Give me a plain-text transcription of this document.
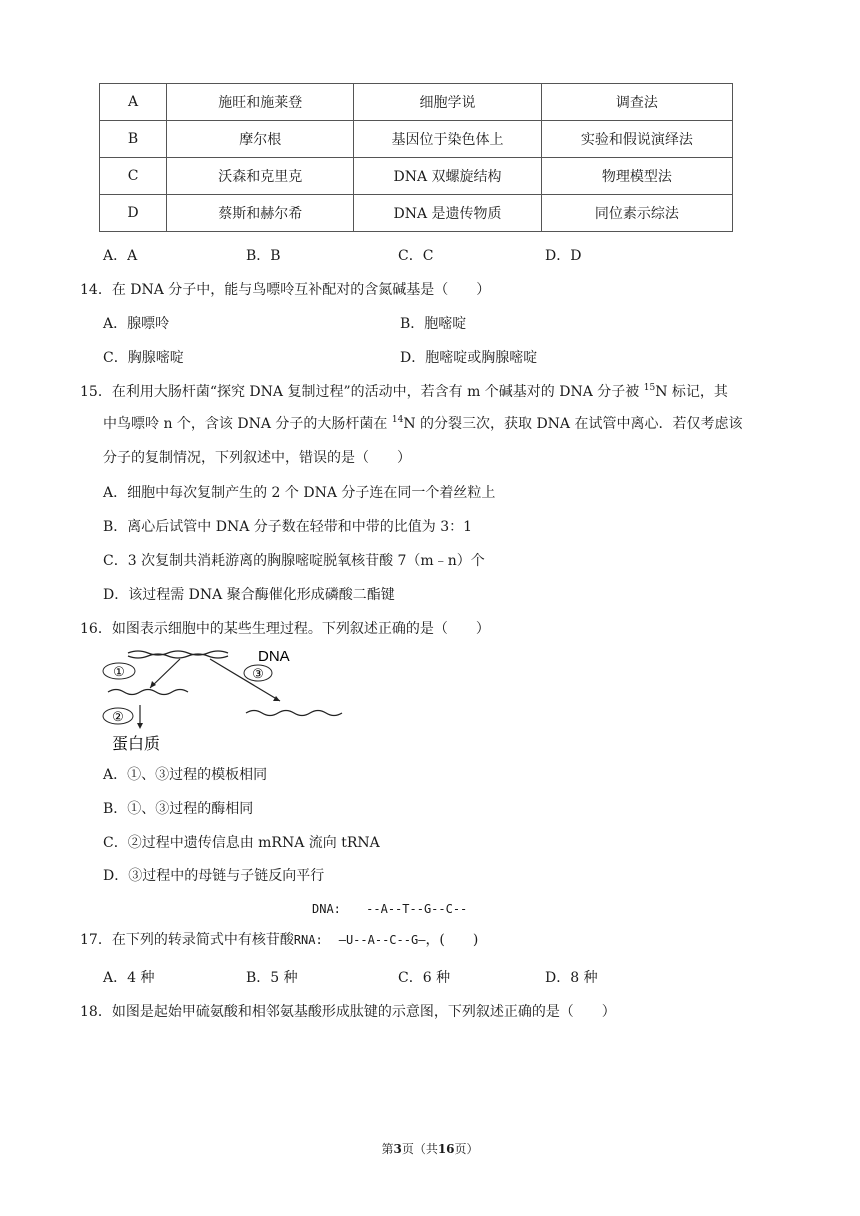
A	施旺和施莱登	细胞学说	调查法
B	摩尔根	基因位于染色体上	实验和假说演绎法
C	沃森和克里克	DNA 双螺旋结构	物理模型法
D	蔡斯和赫尔希	DNA 是遗传物质	同位素示综法
A．A	B．B	C．C	D．D
14．在 DNA 分子中，能与鸟嘌呤互补配对的含氮碱基是（　　）
A．腺嘌呤	B．胞嘧啶
C．胸腺嘧啶	D．胞嘧啶或胸腺嘧啶
15．在利用大肠杆菌“探究 DNA 复制过程”的活动中，若含有 m 个碱基对的 DNA 分子被 $^{15}$N 标记，其
中鸟嘌呤 n 个，含该 DNA 分子的大肠杆菌在 $^{14}$N 的分裂三次，获取 DNA 在试管中离心．若仅考虑该
分子的复制情况，下列叙述中，错误的是（　　）
A．细胞中每次复制产生的 2 个 DNA 分子连在同一个着丝粒上
B．离心后试管中 DNA 分子数在轻带和中带的比值为 3：1
C．3 次复制共消耗游离的胸腺嘧啶脱氧核苷酸 7（m﹣n）个
D．该过程需 DNA 聚合酶催化形成磷酸二酯键
16．如图表示细胞中的某些生理过程。下列叙述正确的是（　　）
①	③
DNA
②
蛋白质
A．①、③过程的模板相同
B．①、③过程的酶相同
C．②过程中遗传信息由 mRNA 流向 tRNA
D．③过程中的母链与子链反向平行
DNA: --A--T--G--C--
17．在下列的转录简式中有核苷酸RNA: —U--A--C--G—，(　　)
A．4 种	B．5 种	C．6 种	D．8 种
18．如图是起始甲硫氨酸和相邻氨基酸形成肽键的示意图，下列叙述正确的是（　　）
第3页（共16页）
